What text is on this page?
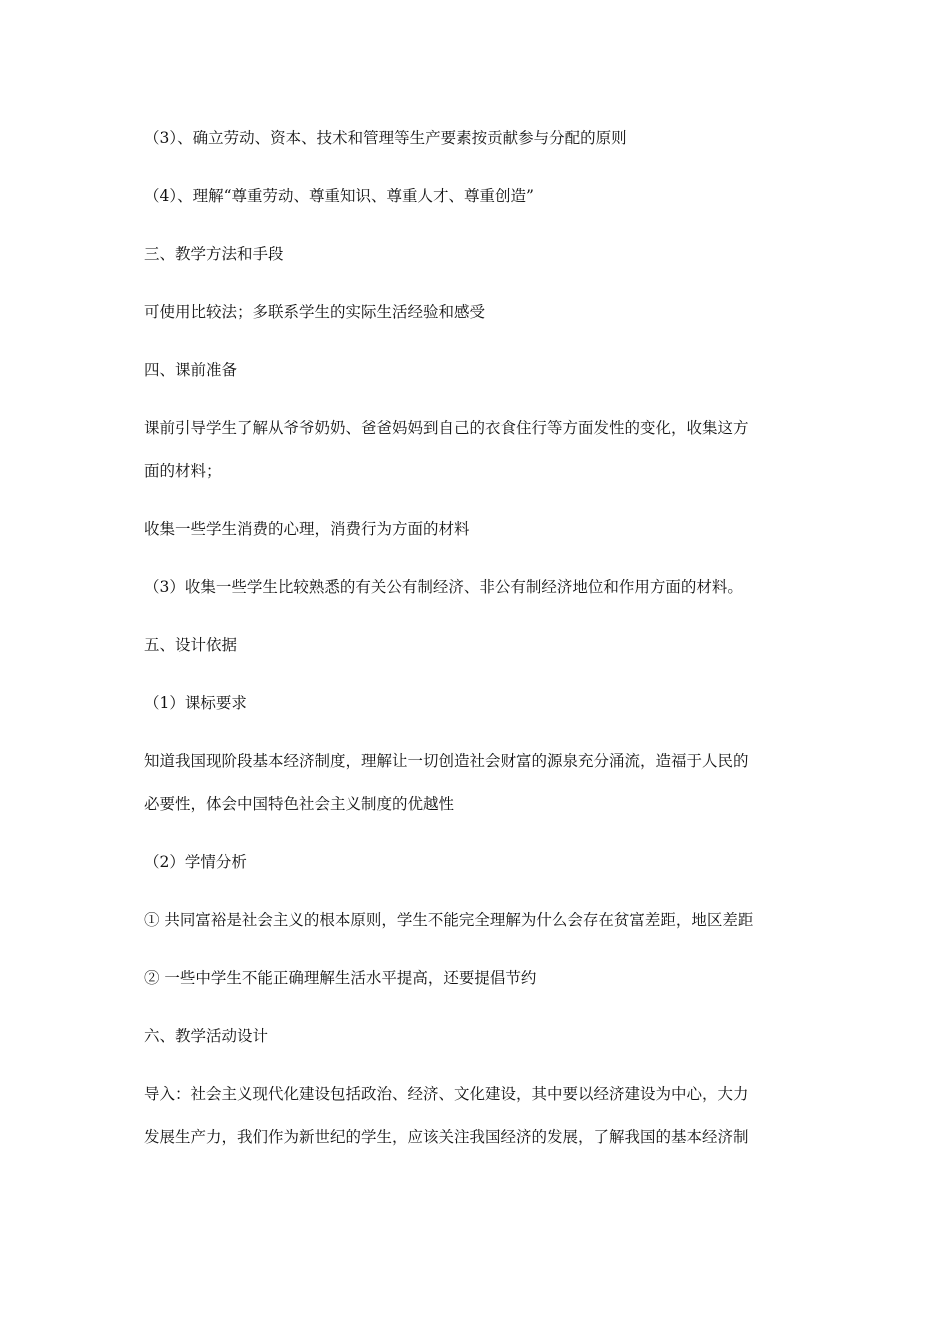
（3）、确立劳动、资本、技术和管理等生产要素按贡献参与分配的原则
（4）、理解“尊重劳动、尊重知识、尊重人才、尊重创造”
三、教学方法和手段
可使用比较法；多联系学生的实际生活经验和感受
四、课前准备
课前引导学生了解从爷爷奶奶、爸爸妈妈到自己的衣食住行等方面发性的变化，收集这方
面的材料；
收集一些学生消费的心理，消费行为方面的材料
（3）收集一些学生比较熟悉的有关公有制经济、非公有制经济地位和作用方面的材料。
五、设计依据
（1）课标要求
知道我国现阶段基本经济制度，理解让一切创造社会财富的源泉充分涌流，造福于人民的
必要性，体会中国特色社会主义制度的优越性
（2）学情分析
① 共同富裕是社会主义的根本原则，学生不能完全理解为什么会存在贫富差距，地区差距
② 一些中学生不能正确理解生活水平提高，还要提倡节约
六、教学活动设计
导入：社会主义现代化建设包括政治、经济、文化建设，其中要以经济建设为中心，大力
发展生产力，我们作为新世纪的学生，应该关注我国经济的发展，了解我国的基本经济制
